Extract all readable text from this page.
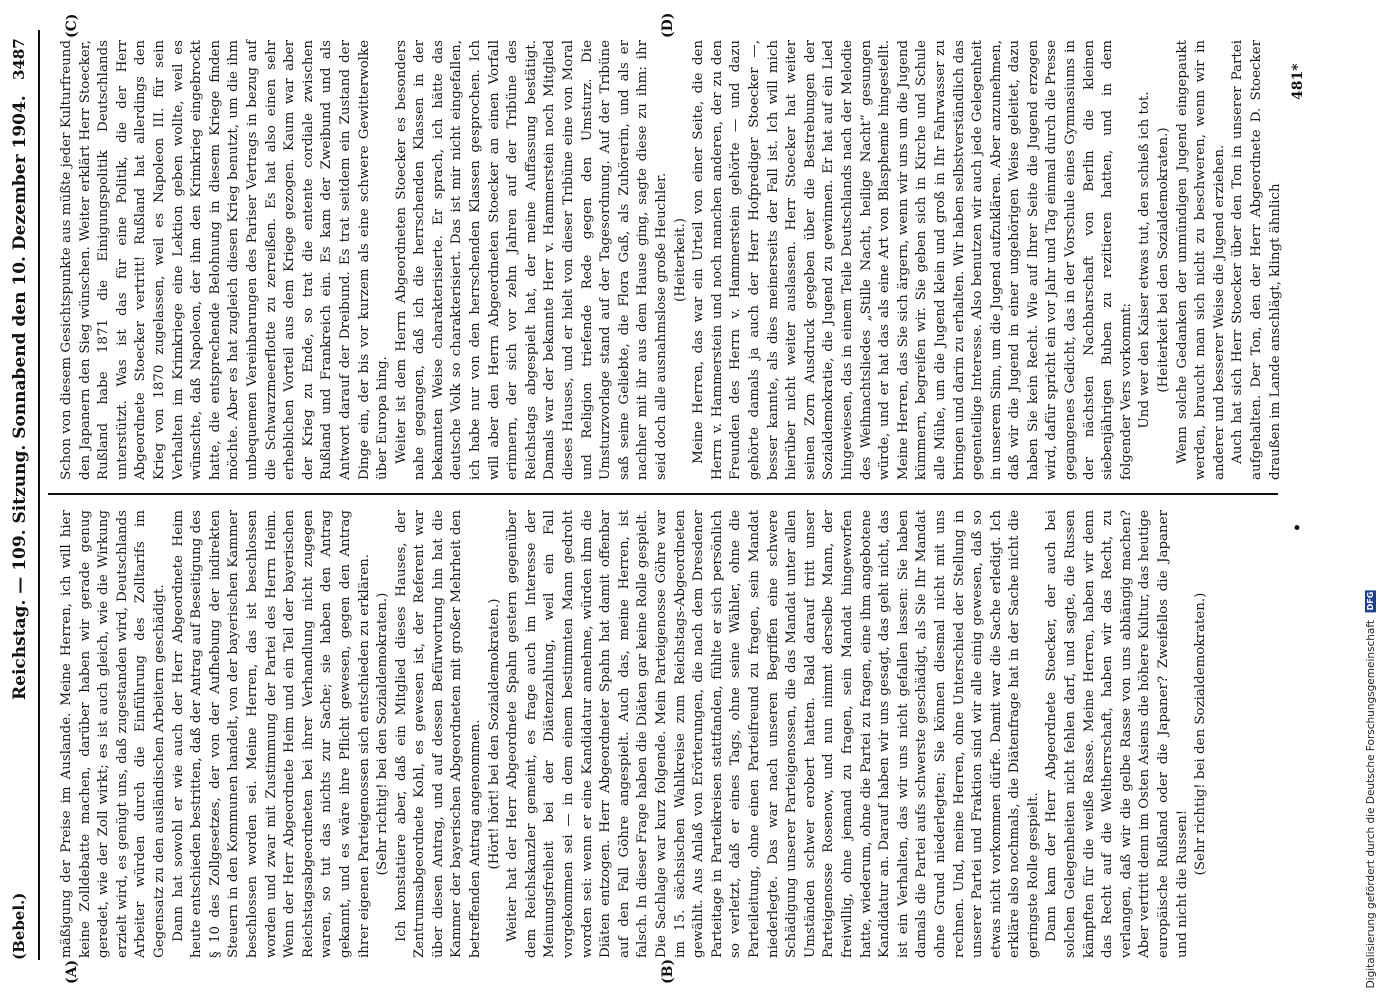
(Bebel.)
Reichstag. — 109. Sitzung. Sonnabend den 10. Dezember 1904.
3487
(A)	(B)
(C)	(D)

mäßigung der Preise im Auslande. Meine Herren, ich will hier keine Zolldebatte machen, darüber haben wir gerade genug geredet, wie der Zoll wirkt; es ist auch gleich, wie die Wirkung erzielt wird, es genügt uns, daß zugestanden wird, Deutschlands Arbeiter würden durch die Einführung des Zolltarifs im Gegensatz zu den ausländischen Arbeitern geschädigt. Dann hat sowohl er wie auch der Herr Abgeordnete Heim heute entschieden bestritten, daß der Antrag auf Beseitigung des § 10 des Zollgesetzes, der von der Aufhebung der indirekten Steuern in den Kommunen handelt, von der bayerischen Kammer beschlossen worden sei. Meine Herren, das ist beschlossen worden und zwar mit Zustimmung der Partei des Herrn Heim. Wenn der Herr Abgeordnete Heim und ein Teil der bayerischen Reichstagsabgeordneten bei ihrer Verhandlung nicht zugegen waren, so tut das nichts zur Sache; sie haben den Antrag gekannt, und es wäre ihre Pflicht gewesen, gegen den Antrag ihrer eigenen Parteigenossen sich entschieden zu erklären. (Sehr richtig! bei den Sozialdemokraten.) Ich konstatiere aber, daß ein Mitglied dieses Hauses, der Zentrumsabgeordnete Kohl, es gewesen ist, der Referent war über diesen Antrag, und auf dessen Befürwortung hin hat die Kammer der bayerischen Abgeordneten mit großer Mehrheit den betreffenden Antrag angenommen. (Hört! hört! bei den Sozialdemokraten.) Weiter hat der Herr Abgeordnete Spahn gestern gegenüber dem Reichskanzler gemeint, es frage auch im Interesse der Meinungsfreiheit bei der Diätenzahlung, weil ein Fall vorgekommen sei — in dem einem bestimmten Mann gedroht worden sei: wenn er eine Kandidatur annehme, würden ihm die Diäten entzogen. Herr Abgeordneter Spahn hat damit offenbar auf den Fall Göhre angespielt. Auch das, meine Herren, ist falsch. In dieser Frage haben die Diäten gar keine Rolle gespielt. Die Sachlage war kurz folgende. Mein Parteigenosse Göhre war im 15. sächsischen Wahlkreise zum Reichstags-Abgeordneten gewählt. Aus Anlaß von Erörterungen, die nach dem Dresdener Parteitage in Parteikreisen stattfanden, fühlte er sich persönlich so verletzt, daß er eines Tags, ohne seine Wähler, ohne die Parteileitung, ohne einen Parteifreund zu fragen, sein Mandat niederlegte. Das war nach unseren Begriffen eine schwere Schädigung unserer Parteigenossen, die das Mandat unter allen Umständen schwer erobert hatten. Bald darauf tritt unser Parteigenosse Rosenow, und nun nimmt derselbe Mann, der freiwillig, ohne jemand zu fragen, sein Mandat hingeworfen hatte, wiederum, ohne die Partei zu fragen, eine ihm angebotene Kandidatur an. Darauf haben wir uns gesagt, das geht nicht, das ist ein Verhalten, das wir uns nicht gefallen lassen: Sie haben damals die Partei aufs schwerste geschädigt, als Sie Ihr Mandat ohne Grund niederlegten; Sie können diesmal nicht mit uns rechnen. Und, meine Herren, ohne Unterschied der Stellung in unserer Partei und Fraktion sind wir alle einig gewesen, daß so etwas nicht vorkommen dürfe. Damit war die Sache erledigt. Ich erkläre also nochmals, die Diätenfrage hat in der Sache nicht die geringste Rolle gespielt. Dann kam der Herr Abgeordnete Stoecker, der auch bei solchen Gelegenheiten nicht fehlen darf, und sagte, die Russen kämpften für die weiße Rasse. Meine Herren, haben wir denn das Recht auf die Weltherrschaft, haben wir das Recht, zu verlangen, daß wir die gelbe Rasse von uns abhängig machen? Aber vertritt denn im Osten Asiens die höhere Kultur, das heutige europäische Rußland oder die Japaner? Zweifellos die Japaner und nicht die Russen!

(Sehr richtig! bei den Sozialdemokraten.)

Schon von diesem Gesichtspunkte aus müßte jeder Kulturfreund den Japanern den Sieg wünschen. Weiter erklärt Herr Stoecker, Rußland habe 1871 die Einigungspolitik Deutschlands unterstützt. Was ist das für eine Politik, die der Herr Abgeordnete Stoecker vertritt! Rußland hat allerdings den Krieg von 1870 zugelassen, weil es Napoleon III. für sein Verhalten im Krimkriege eine Lektion geben wollte, weil es wünschte, daß Napoleon, der ihm den Krimkrieg eingebrockt hatte, die entsprechende Belohnung in diesem Kriege finden möchte. Aber es hat zugleich diesen Krieg benutzt, um die ihm unbequemen Vereinbarungen des Pariser Vertrags in bezug auf die Schwarzmeerflotte zu zerreißen. Es hat also einen sehr erheblichen Vorteil aus dem Kriege gezogen. Kaum war aber der Krieg zu Ende, so trat die entente cordiale zwischen Rußland und Frankreich ein. Es kam der Zweibund und als Antwort darauf der Dreibund. Es trat seitdem ein Zustand der Dinge ein, der bis vor kurzem als eine schwere Gewitterwolke über Europa hing. Weiter ist dem Herrn Abgeordneten Stoecker es besonders nahe gegangen, daß ich die herrschenden Klassen in der bekannten Weise charakterisierte. Er sprach, ich hätte das deutsche Volk so charakterisiert. Das ist mir nicht eingefallen, ich habe nur von den herrschenden Klassen gesprochen. Ich will aber den Herrn Abgeordneten Stoecker an einen Vorfall erinnern, der sich vor zehn Jahren auf der Tribüne des Reichstags abgespielt hat, der meine Auffassung bestätigt. Damals war der bekannte Herr v. Hammerstein noch Mitglied dieses Hauses, und er hielt von dieser Tribüne eine von Moral und Religion triefende Rede gegen den Umsturz. Die Umsturzvorlage stand auf der Tagesordnung. Auf der Tribüne saß seine Geliebte, die Flora Gaß, als Zuhörerin, und als er nachher mit ihr aus dem Hause ging, sagte diese zu ihm: ihr seid doch alle ausnahmslose große Heuchler. (Heiterkeit.) Meine Herren, das war ein Urteil von einer Seite, die den Herrn v. Hammerstein und noch manchen anderen, der zu den Freunden des Herrn v. Hammerstein gehörte — und dazu gehörte damals ja auch der Herr Hofprediger Stoecker —, besser kannte, als dies meinerseits der Fall ist. Ich will mich hierüber nicht weiter auslassen. Herr Stoecker hat weiter seinen Zorn Ausdruck gegeben über die Bestrebungen der Sozialdemokratie, die Jugend zu gewinnen. Er hat auf ein Lied hingewiesen, das in einem Teile Deutschlands nach der Melodie des Weihnachtsliedes „Stille Nacht, heilige Nacht“ gesungen würde, und er hat das als eine Art von Blasphemie hingestellt. Meine Herren, das Sie sich ärgern, wenn wir uns um die Jugend kümmern, begreifen wir. Sie geben sich in Kirche und Schule alle Mühe, um die Jugend klein und groß in Ihr Fahrwasser zu bringen und darin zu erhalten. Wir haben selbstverständlich das gegenteilige Interesse. Also benutzen wir auch jede Gelegenheit in unserem Sinn, um die Jugend aufzuklären. Aber anzunehmen, daß wir die Jugend in einer ungehörigen Weise geleitet, dazu haben Sie kein Recht. Wie auf Ihrer Seite die Jugend erzogen wird, dafür spricht ein vor Jahr und Tag einmal durch die Presse gegangenes Gedicht, das in der Vorschule eines Gymnasiums in der nächsten Nachbarschaft von Berlin die kleinen siebenjährigen Buben zu rezitieren hatten, und in dem folgender Vers vorkommt: Und wer den Kaiser etwas tut, den schieß ich tot. (Heiterkeit bei den Sozialdemokraten.) Wenn solche Gedanken der unmündigen Jugend eingepaukt werden, braucht man sich nicht zu beschweren, wenn wir in anderer und besserer Weise die Jugend erziehen. Auch hat sich Herr Stoecker über den Ton in unserer Partei aufgehalten. Der Ton, den der Herr Abgeordnete D. Stoecker draußen im Lande anschlägt, klingt ähnlich

•
481*
Digitalisierung gefördert durch die Deutsche Forschungsgemeinschaft DFG
